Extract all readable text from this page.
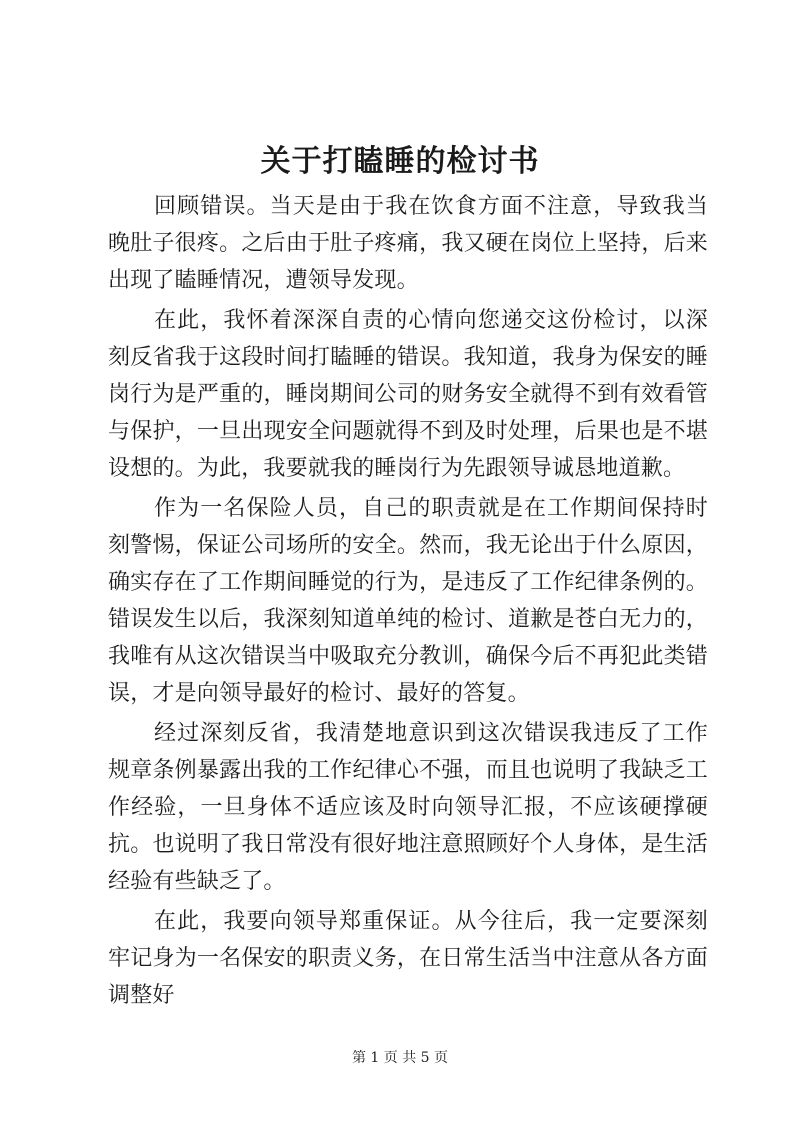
关于打瞌睡的检讨书

回顾错误。当天是由于我在饮食方面不注意，导致我当晚肚子很疼。之后由于肚子疼痛，我又硬在岗位上坚持，后来出现了瞌睡情况，遭领导发现。

在此，我怀着深深自责的心情向您递交这份检讨，以深刻反省我于这段时间打瞌睡的错误。我知道，我身为保安的睡岗行为是严重的，睡岗期间公司的财务安全就得不到有效看管与保护，一旦出现安全问题就得不到及时处理，后果也是不堪设想的。为此，我要就我的睡岗行为先跟领导诚恳地道歉。

作为一名保险人员，自己的职责就是在工作期间保持时刻警惕，保证公司场所的安全。然而，我无论出于什么原因，确实存在了工作期间睡觉的行为，是违反了工作纪律条例的。错误发生以后，我深刻知道单纯的检讨、道歉是苍白无力的，我唯有从这次错误当中吸取充分教训，确保今后不再犯此类错误，才是向领导最好的检讨、最好的答复。

经过深刻反省，我清楚地意识到这次错误我违反了工作规章条例暴露出我的工作纪律心不强，而且也说明了我缺乏工作经验，一旦身体不适应该及时向领导汇报，不应该硬撑硬抗。也说明了我日常没有很好地注意照顾好个人身体，是生活经验有些缺乏了。

在此，我要向领导郑重保证。从今往后，我一定要深刻牢记身为一名保安的职责义务，在日常生活当中注意从各方面调整好

第 1 页 共 5 页
